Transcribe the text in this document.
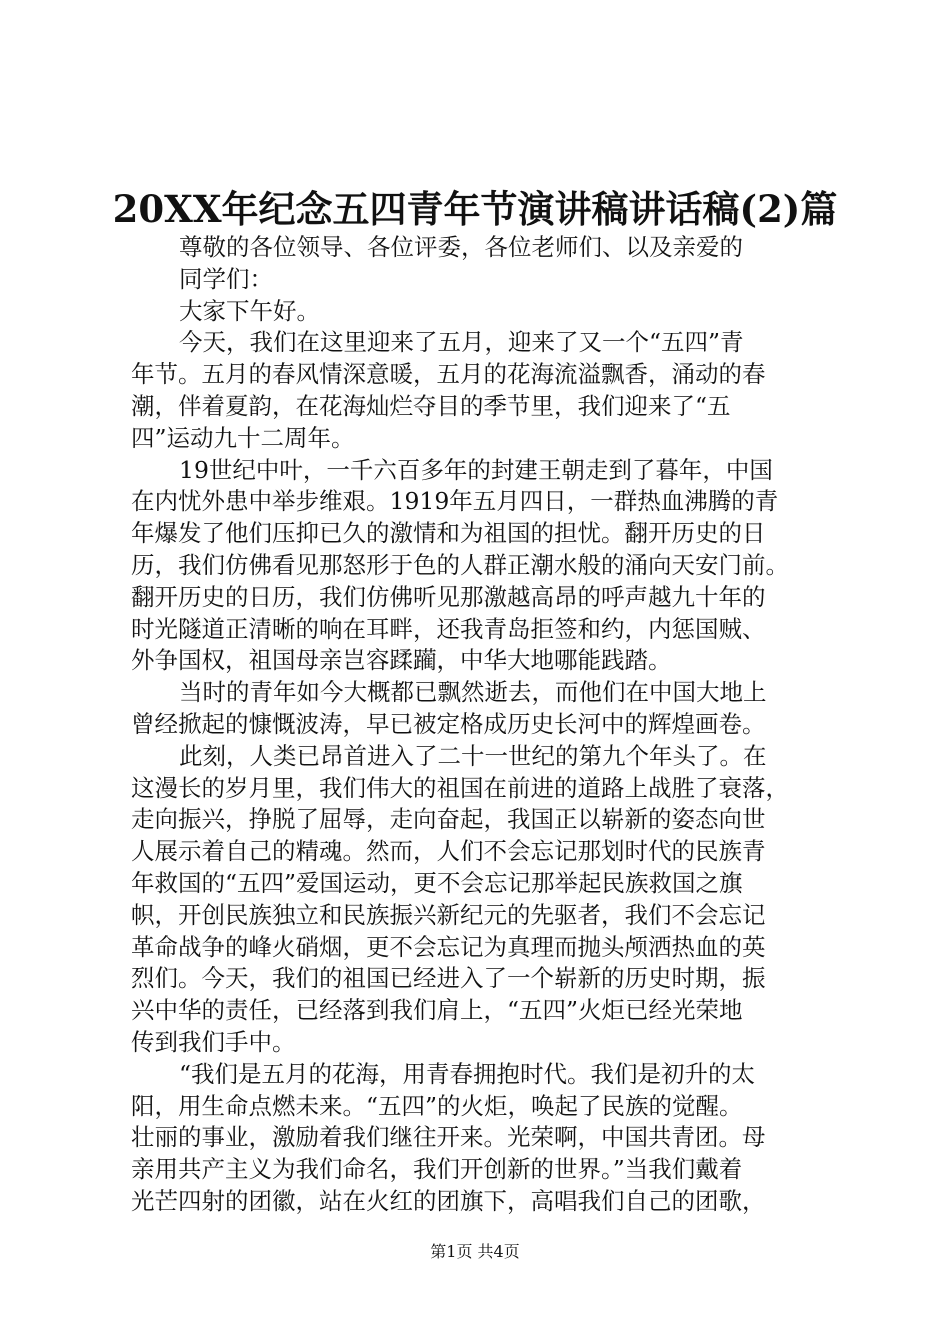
20XX年纪念五四青年节演讲稿讲话稿(2)篇
尊敬的各位领导、各位评委，各位老师们、以及亲爱的
同学们：
大家下午好。
今天，我们在这里迎来了五月，迎来了又一个“五四”青
年节。五月的春风情深意暖，五月的花海流溢飘香，涌动的春
潮，伴着夏韵，在花海灿烂夺目的季节里，我们迎来了“五
四”运动九十二周年。
19世纪中叶，一千六百多年的封建王朝走到了暮年，中国
在内忧外患中举步维艰。1919年五月四日，一群热血沸腾的青
年爆发了他们压抑已久的激情和为祖国的担忧。翻开历史的日
历，我们仿佛看见那怒形于色的人群正潮水般的涌向天安门前。
翻开历史的日历，我们仿佛听见那激越高昂的呼声越九十年的
时光隧道正清晰的响在耳畔，还我青岛拒签和约，内惩国贼、
外争国权，祖国母亲岂容蹂躏，中华大地哪能践踏。
当时的青年如今大概都已飘然逝去，而他们在中国大地上
曾经掀起的慷慨波涛，早已被定格成历史长河中的辉煌画卷。
此刻，人类已昂首进入了二十一世纪的第九个年头了。在
这漫长的岁月里，我们伟大的祖国在前进的道路上战胜了衰落，
走向振兴，挣脱了屈辱，走向奋起，我国正以崭新的姿态向世
人展示着自己的精魂。然而，人们不会忘记那划时代的民族青
年救国的“五四”爱国运动，更不会忘记那举起民族救国之旗
帜，开创民族独立和民族振兴新纪元的先驱者，我们不会忘记
革命战争的峰火硝烟，更不会忘记为真理而抛头颅洒热血的英
烈们。今天，我们的祖国已经进入了一个崭新的历史时期，振
兴中华的责任，已经落到我们肩上，“五四”火炬已经光荣地
传到我们手中。
“我们是五月的花海，用青春拥抱时代。我们是初升的太
阳，用生命点燃未来。“五四”的火炬，唤起了民族的觉醒。
壮丽的事业，激励着我们继往开来。光荣啊，中国共青团。母
亲用共产主义为我们命名，我们开创新的世界。”当我们戴着
光芒四射的团徽，站在火红的团旗下，高唱我们自己的团歌，
第1页 共4页
